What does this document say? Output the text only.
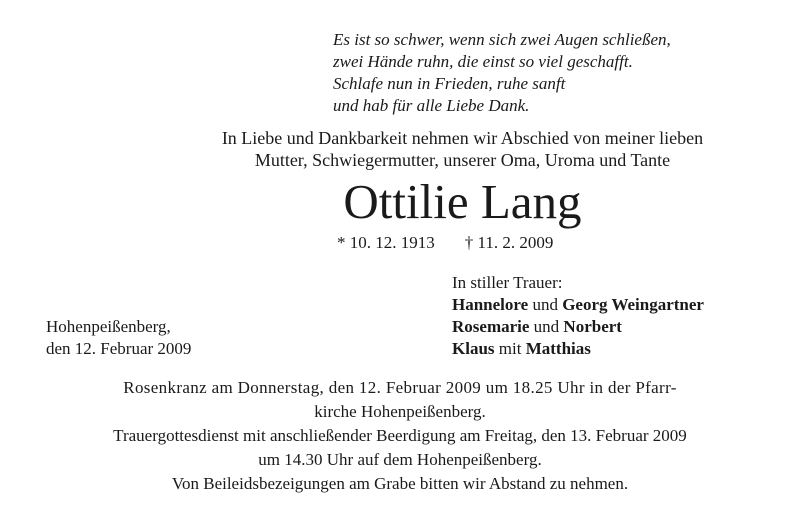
Es ist so schwer, wenn sich zwei Augen schließen,
zwei Hände ruhn, die einst so viel geschafft.
Schlafe nun in Frieden, ruhe sanft
und hab für alle Liebe Dank.
In Liebe und Dankbarkeit nehmen wir Abschied von meiner lieben
Mutter, Schwiegermutter, unserer Oma, Uroma und Tante
Ottilie Lang
* 10. 12. 1913 † 11. 2. 2009
In stiller Trauer:
Hannelore und Georg Weingartner
Rosemarie und Norbert
Klaus mit Matthias
Hohenpeißenberg,
den 12. Februar 2009
Rosenkranz am Donnerstag, den 12. Februar 2009 um 18.25 Uhr in der Pfarr-
kirche Hohenpeißenberg.
Trauergottesdienst mit anschließender Beerdigung am Freitag, den 13. Februar 2009
um 14.30 Uhr auf dem Hohenpeißenberg.
Von Beileidsbezeigungen am Grabe bitten wir Abstand zu nehmen.
